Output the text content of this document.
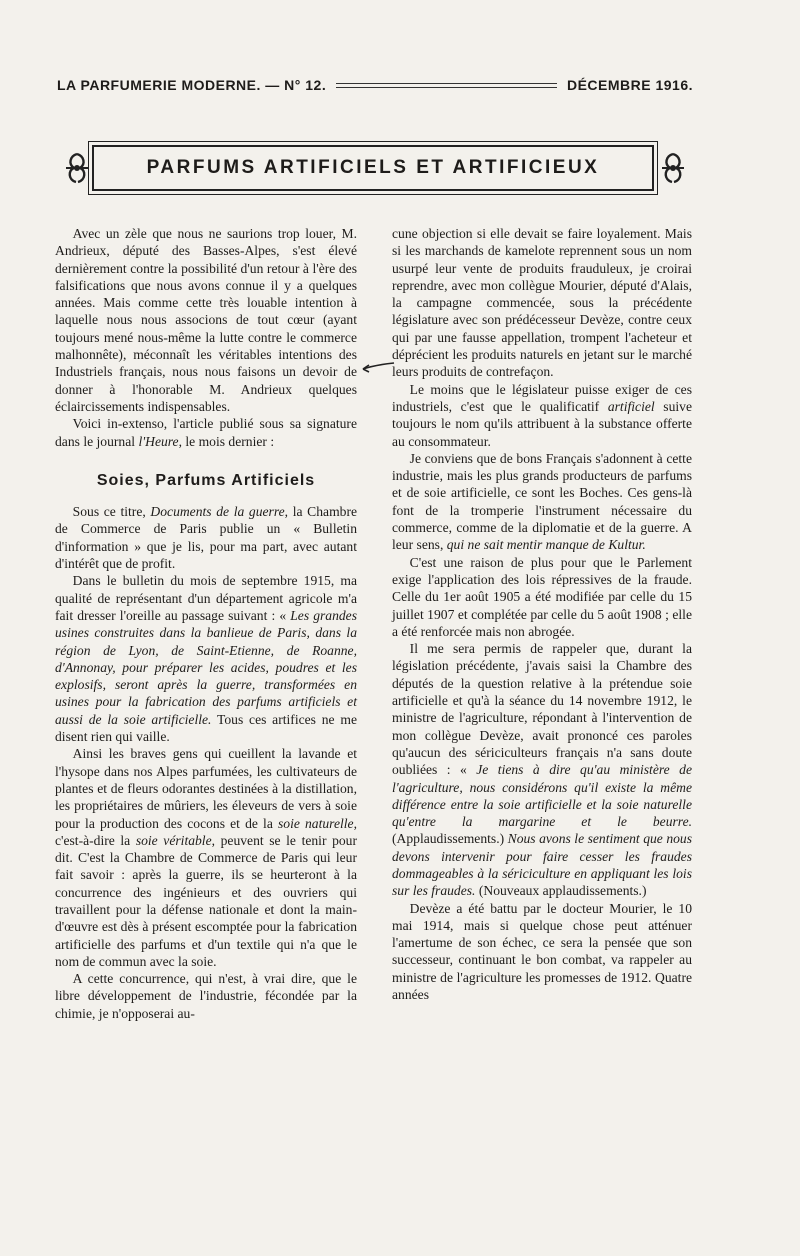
LA PARFUMERIE MODERNE.
—
N° 12.	DÉCEMBRE 1916.
PARFUMS ARTIFICIELS ET ARTIFICIEUX

Avec un zèle que nous ne saurions trop louer, M. Andrieux, député des Basses-Alpes, s'est élevé dernièrement contre la possibilité d'un retour à l'ère des falsifications que nous avons connue il y a quelques années. Mais comme cette très louable intention à laquelle nous nous associons de tout cœur (ayant toujours mené nous-même la lutte contre le commerce malhonnête), méconnaît les véritables intentions des Industriels français, nous nous faisons un devoir de donner à l'honorable M. Andrieux quelques éclaircissements indispensables.

Voici in-extenso, l'article publié sous sa signature dans le journal l'Heure, le mois dernier :

Soies, Parfums Artificiels

Sous ce titre, Documents de la guerre, la Chambre de Commerce de Paris publie un « Bulletin d'information » que je lis, pour ma part, avec autant d'intérêt que de profit.

Dans le bulletin du mois de septembre 1915, ma qualité de représentant d'un département agricole m'a fait dresser l'oreille au passage suivant : « Les grandes usines construites dans la banlieue de Paris, dans la région de Lyon, de Saint-Etienne, de Roanne, d'Annonay, pour préparer les acides, poudres et les explosifs, seront après la guerre, transformées en usines pour la fabrication des parfums artificiels et aussi de la soie artificielle. Tous ces artifices ne me disent rien qui vaille.

Ainsi les braves gens qui cueillent la lavande et l'hysope dans nos Alpes parfumées, les cultivateurs de plantes et de fleurs odorantes destinées à la distillation, les propriétaires de mûriers, les éleveurs de vers à soie pour la production des cocons et de la soie naturelle, c'est-à-dire la soie véritable, peuvent se le tenir pour dit. C'est la Chambre de Commerce de Paris qui leur fait savoir : après la guerre, ils se heurteront à la concurrence des ingénieurs et des ouvriers qui travaillent pour la défense nationale et dont la main-d'œuvre est dès à présent escomptée pour la fabrication artificielle des parfums et d'un textile qui n'a que le nom de commun avec la soie.

A cette concurrence, qui n'est, à vrai dire, que le libre développement de l'industrie, fécondée par la chimie, je n'opposerai au-

cune objection si elle devait se faire loyalement. Mais si les marchands de kamelote reprennent sous un nom usurpé leur vente de produits frauduleux, je croirai reprendre, avec mon collègue Mourier, député d'Alais, la campagne commencée, sous la précédente législature avec son prédécesseur Devèze, contre ceux qui par une fausse appellation, trompent l'acheteur et déprécient les produits naturels en jetant sur le marché leurs produits de contrefaçon.

Le moins que le législateur puisse exiger de ces industriels, c'est que le qualificatif artificiel suive toujours le nom qu'ils attribuent à la substance offerte au consommateur.

Je conviens que de bons Français s'adonnent à cette industrie, mais les plus grands producteurs de parfums et de soie artificielle, ce sont les Boches. Ces gens-là font de la tromperie l'instrument nécessaire du commerce, comme de la diplomatie et de la guerre. A leur sens, qui ne sait mentir manque de Kultur.

C'est une raison de plus pour que le Parlement exige l'application des lois répressives de la fraude. Celle du 1er août 1905 a été modifiée par celle du 15 juillet 1907 et complétée par celle du 5 août 1908 ; elle a été renforcée mais non abrogée.

Il me sera permis de rappeler que, durant la législation précédente, j'avais saisi la Chambre des députés de la question relative à la prétendue soie artificielle et qu'à la séance du 14 novembre 1912, le ministre de l'agriculture, répondant à l'intervention de mon collègue Devèze, avait prononcé ces paroles qu'aucun des sériciculteurs français n'a sans doute oubliées : « Je tiens à dire qu'au ministère de l'agriculture, nous considérons qu'il existe la même différence entre la soie artificielle et la soie naturelle qu'entre la margarine et le beurre. (Applaudissements.) Nous avons le sentiment que nous devons intervenir pour faire cesser les fraudes dommageables à la sériciculture en appliquant les lois sur les fraudes. (Nouveaux applaudissements.)

Devèze a été battu par le docteur Mourier, le 10 mai 1914, mais si quelque chose peut atténuer l'amertume de son échec, ce sera la pensée que son successeur, continuant le bon combat, va rappeler au ministre de l'agriculture les promesses de 1912. Quatre années
